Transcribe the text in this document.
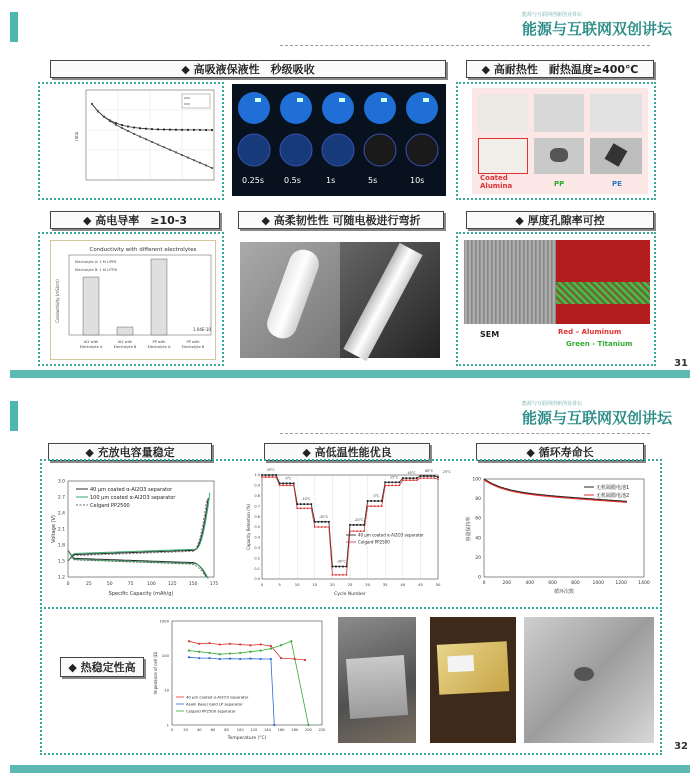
能源与互联网创新创业讲坛
能源与互联网双创讲坛
◆ 高吸液保液性　秒级吸收	◆ 高耐热性　耐热温度≥400℃
ratio
0.25s	0.5s	1s	5s	10s	Coated
Alumina	PP	PE
◆ 高电导率　≥10-3	◆ 高柔韧性性 可随电极进行弯折	◆ 厚度孔隙率可控
Conductivity with different electrolytes
Conductivity (mS/cm)
Electrolyte A: 1 M LiPF6
Electrolyte B: 1 M LiTFSI
1.04E-10
AI2 with
Electrolyte A
AI2 with
Electrolyte B
PP with
Electrolyte A
PP with
Electrolyte B
SEM	Red – Aluminum
Green - Titanium
31
能源与互联网创新创业讲坛
能源与互联网双创讲坛
◆ 充放电容量稳定	◆ 高低温性能优良	◆ 循环寿命长
0	25	50	75	100	125	150	175
1.2
1.5
1.8
2.1
2.4
2.7
3.0
40 μm coated α-Al2O3 separator
100 μm coated α-Al2O3 separator
Celgard PP2500
Specific Capacity (mAh/g)
Voltage (V)
0	5	10	15	20	25	30	35	40	45	50
0.0
0.1
0.2
0.3
0.4
0.5
0.6
0.7
0.8
0.9
1.0
25°C
0°C
-10°C
-20°C
-30°C
-20°C
0°C
25°C
40°C
60°C	25°C
40 μm coated α-Al2O3 separator
Celgard PP2500
Cycle Number
Capacity Retention (%)
0	200	400	600	800	1000	1200	1400
0
20
40
60
80
100
无机隔膜电池1
无机隔膜电池2
循环次数
容量保持率
◆ 热稳定性高
0	20	40	60	80 100 120 140 160 180 200 220
1
10
100
1000
40 μm coated α-Al2O3 separator
Asahi Kasei Gold LP separator
Celgard PP2500 separator
Temperature (°C)
Impedance of cell (Ω)
32
